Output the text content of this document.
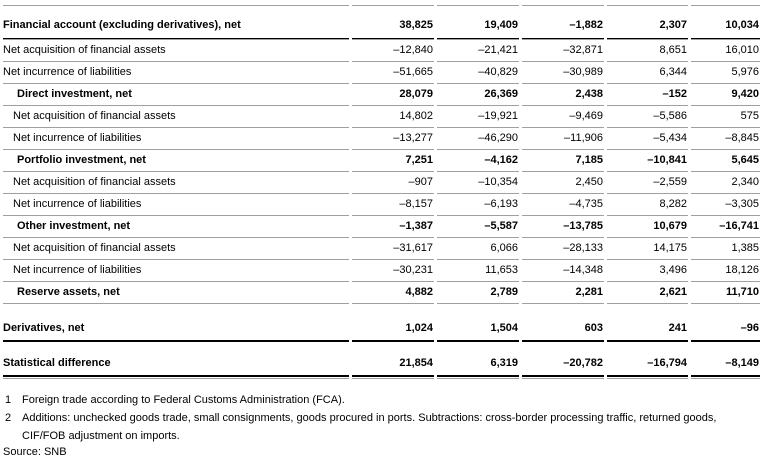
Financial account (excluding derivatives), net	38,825	19,409	–1,882	2,307	10,034
Net acquisition of financial assets	–12,840	–21,421	–32,871	8,651	16,010
Net incurrence of liabilities	–51,665	–40,829	–30,989	6,344	5,976
Direct investment, net	28,079	26,369	2,438	–152	9,420
Net acquisition of financial assets	14,802	–19,921	–9,469	–5,586	575
Net incurrence of liabilities	–13,277	–46,290	–11,906	–5,434	–8,845
Portfolio investment, net	7,251	–4,162	7,185	–10,841	5,645
Net acquisition of financial assets	–907	–10,354	2,450	–2,559	2,340
Net incurrence of liabilities	–8,157	–6,193	–4,735	8,282	–3,305
Other investment, net	–1,387	–5,587	–13,785	10,679	–16,741
Net acquisition of financial assets	–31,617	6,066	–28,133	14,175	1,385
Net incurrence of liabilities	–30,231	11,653	–14,348	3,496	18,126
Reserve assets, net	4,882	2,789	2,281	2,621	11,710

Derivatives, net	1,024	1,504	603	241	–96

Statistical difference	21,854	6,319	–20,782	–16,794	–8,149

1 Foreign trade according to Federal Customs Administration (FCA).
2 Additions: unchecked goods trade, small consignments, goods procured in ports. Subtractions: cross-border processing traffic, returned goods, CIF/FOB adjustment on imports.
Source: SNB
